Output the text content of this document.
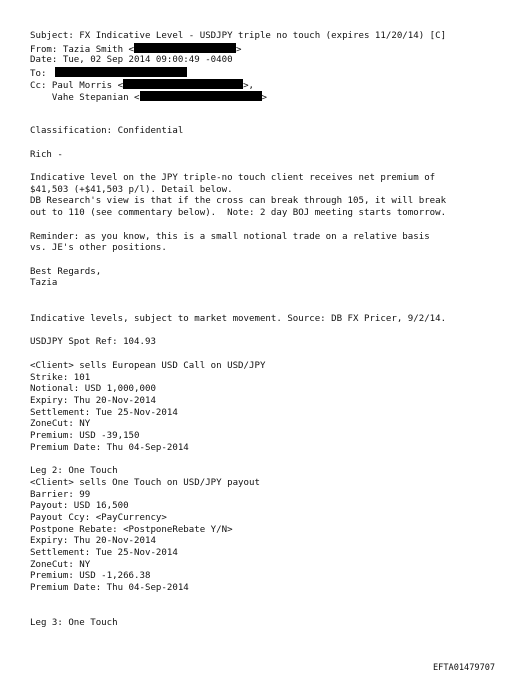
Subject: FX Indicative Level - USDJPY triple no touch (expires 11/20/14) [C]
From: Tazia Smith <	>
Date: Tue, 02 Sep 2014 09:00:49 -0400
To:
Cc: Paul Morris <	>,
Vahe Stepanian <	>
Classification: Confidential
Rich -
Indicative level on the JPY triple-no touch client receives net premium of
$41,503 (+$41,503 p/l). Detail below.
DB Research's view is that if the cross can break through 105, it will break
out to 110 (see commentary below).  Note: 2 day BOJ meeting starts tomorrow.
Reminder: as you know, this is a small notional trade on a relative basis
vs. JE's other positions.
Best Regards,
Tazia
Indicative levels, subject to market movement. Source: DB FX Pricer, 9/2/14.
USDJPY Spot Ref: 104.93
<Client> sells European USD Call on USD/JPY
Strike: 101
Notional: USD 1,000,000
Expiry: Thu 20-Nov-2014
Settlement: Tue 25-Nov-2014
ZoneCut: NY
Premium: USD -39,150
Premium Date: Thu 04-Sep-2014
Leg 2: One Touch
<Client> sells One Touch on USD/JPY payout
Barrier: 99
Payout: USD 16,500
Payout Ccy: <PayCurrency>
Postpone Rebate: <PostponeRebate Y/N>
Expiry: Thu 20-Nov-2014
Settlement: Tue 25-Nov-2014
ZoneCut: NY
Premium: USD -1,266.38
Premium Date: Thu 04-Sep-2014
Leg 3: One Touch
EFTA01479707
